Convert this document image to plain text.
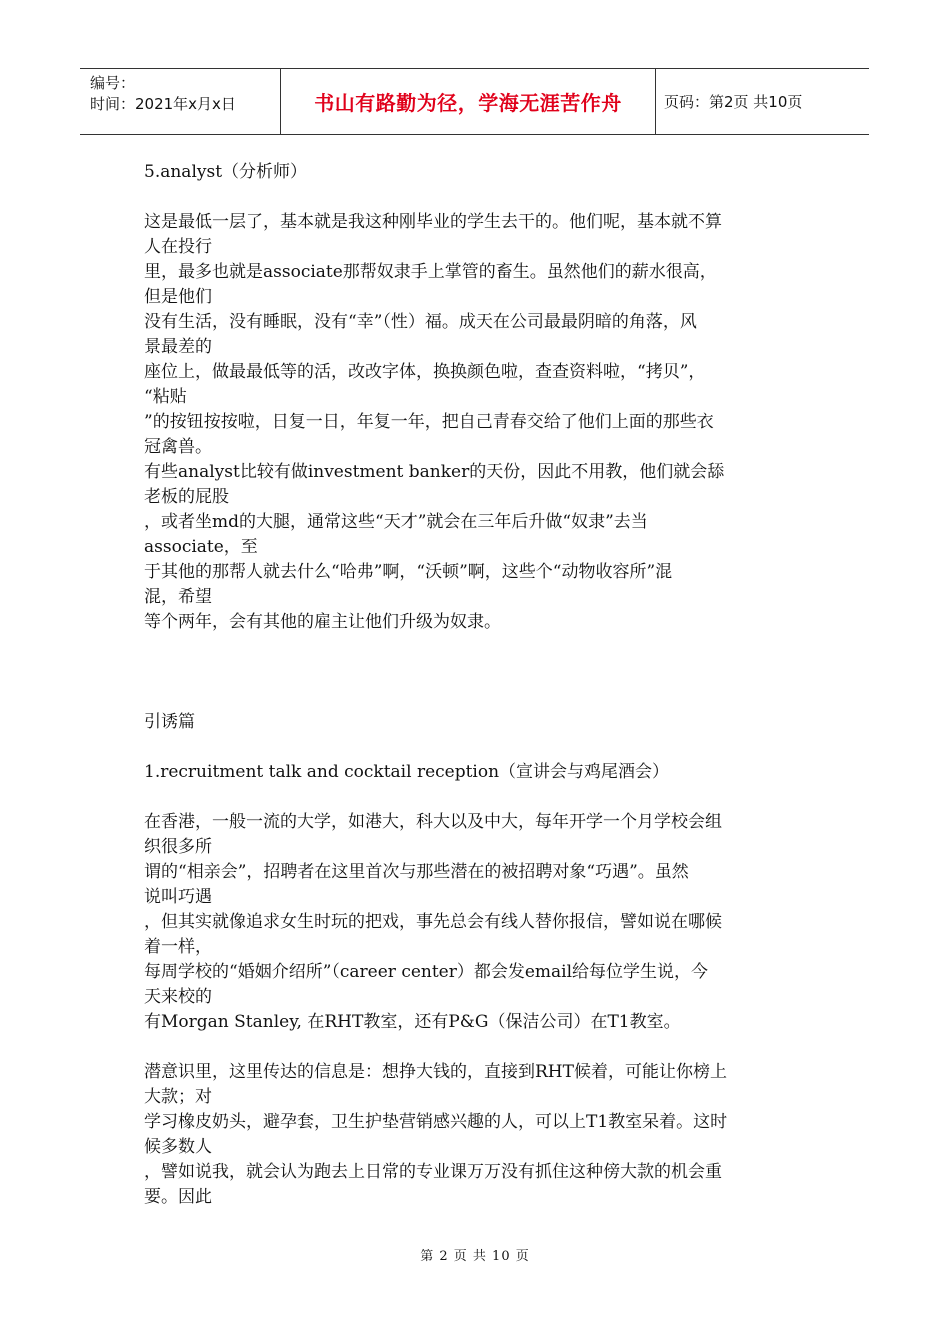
编号：
时间：2021年x月x日	书山有路勤为径，学海无涯苦作舟	页码：第2页 共10页

5.analyst（分析师）

这是最低一层了，基本就是我这种刚毕业的学生去干的。他们呢，基本就不算

人在投行

里，最多也就是associate那帮奴隶手上掌管的畜生。虽然他们的薪水很高，

但是他们

没有生活，没有睡眠，没有“幸”（性）福。成天在公司最最阴暗的角落，风

景最差的

座位上，做最最低等的活，改改字体，换换颜色啦，查查资料啦，“拷贝”，

“粘贴

”的按钮按按啦，日复一日，年复一年，把自己青春交给了他们上面的那些衣

冠禽兽。

有些analyst比较有做investment banker的天份，因此不用教，他们就会舔

老板的屁股

，或者坐md的大腿，通常这些“天才”就会在三年后升做“奴隶”去当

associate，至

于其他的那帮人就去什么“哈弗”啊，“沃顿”啊，这些个“动物收容所”混

混，希望

等个两年，会有其他的雇主让他们升级为奴隶。

引诱篇

1.recruitment talk and cocktail reception（宣讲会与鸡尾酒会）

在香港，一般一流的大学，如港大，科大以及中大，每年开学一个月学校会组

织很多所

谓的“相亲会”，招聘者在这里首次与那些潜在的被招聘对象“巧遇”。虽然

说叫巧遇

，但其实就像追求女生时玩的把戏，事先总会有线人替你报信，譬如说在哪候

着一样，

每周学校的“婚姻介绍所”（career center）都会发email给每位学生说，今

天来校的

有Morgan Stanley, 在RHT教室，还有P&G（保洁公司）在T1教室。

潜意识里，这里传达的信息是：想挣大钱的，直接到RHT候着，可能让你榜上

大款；对

学习橡皮奶头，避孕套，卫生护垫营销感兴趣的人，可以上T1教室呆着。这时

候多数人

，譬如说我，就会认为跑去上日常的专业课万万没有抓住这种傍大款的机会重

要。因此

第 2 页 共 10 页
